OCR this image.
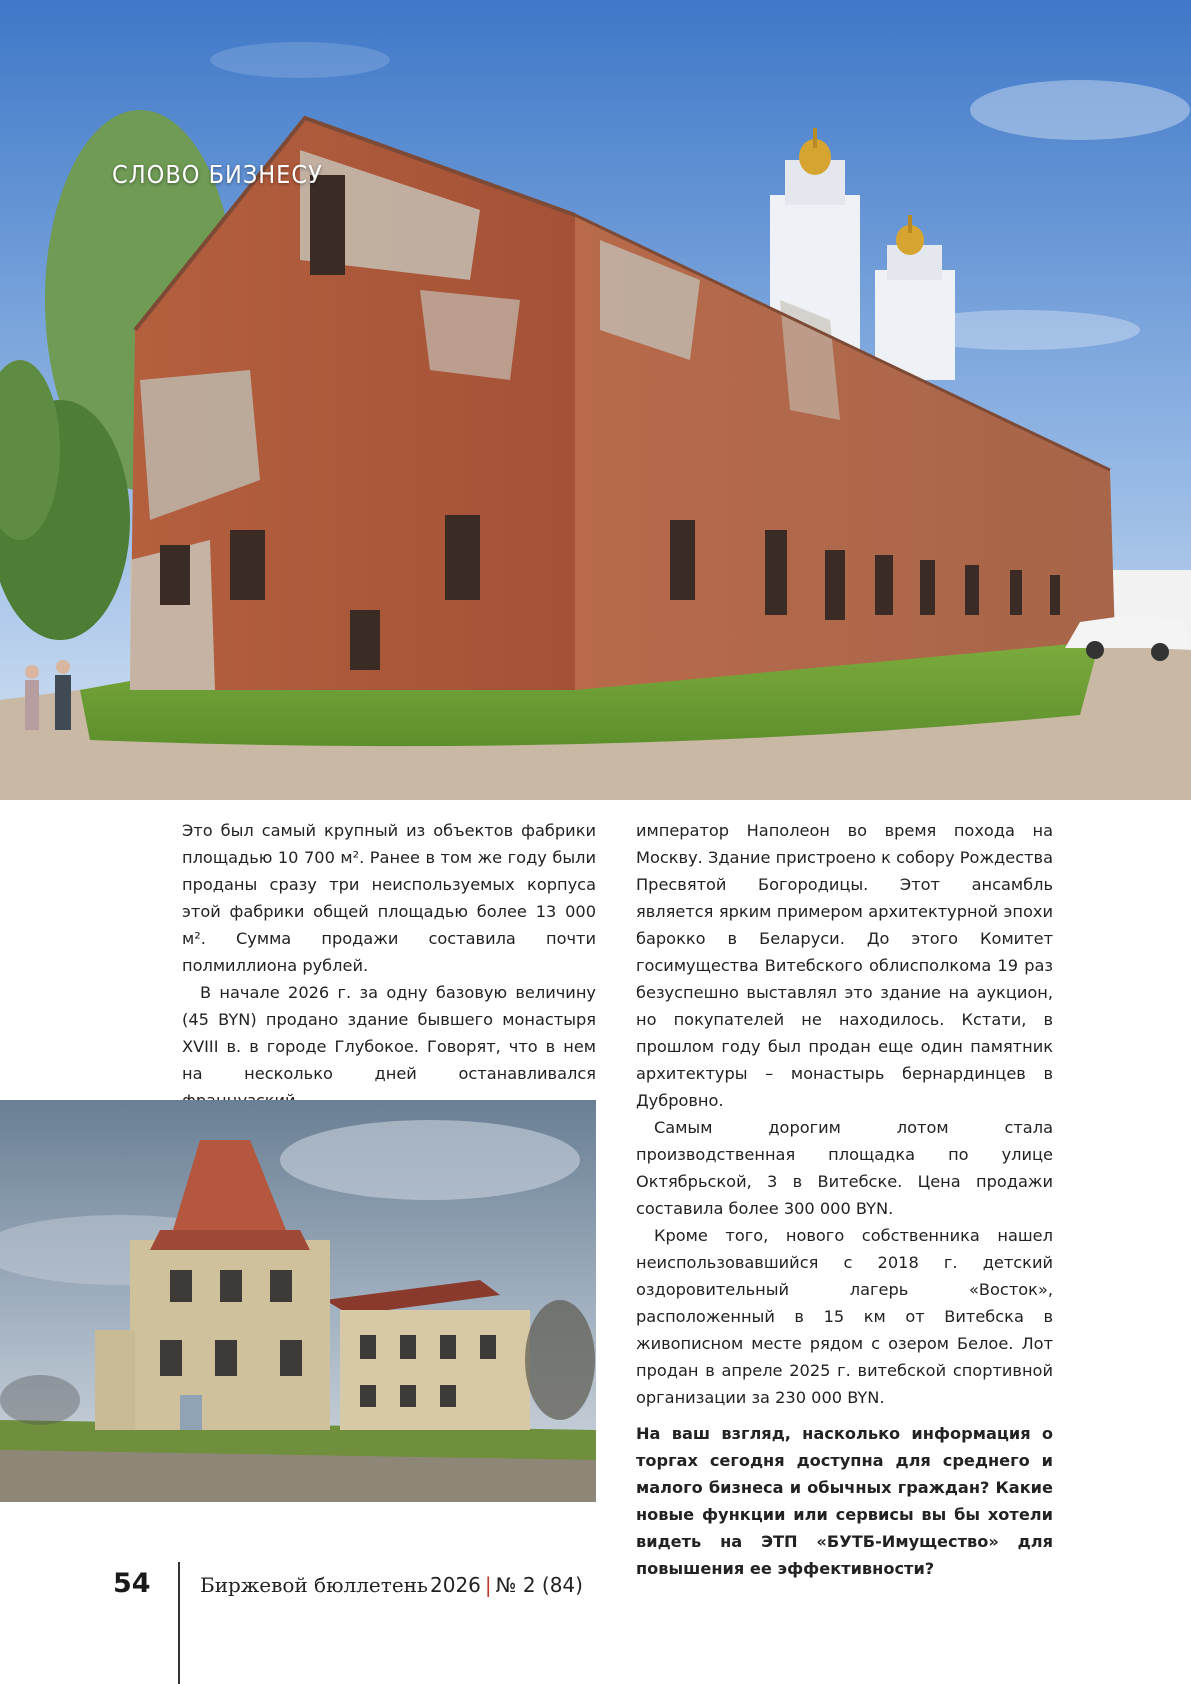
СЛОВО БИЗНЕСУ

Это был самый крупный из объектов фабрики площадью 10 700 м². Ранее в том же году были проданы сразу три неиспользуемых корпуса этой фабрики общей площадью более 13 000 м². Сумма продажи составила почти полмиллиона рублей.

В начале 2026 г. за одну базовую величину (45 BYN) продано здание бывшего монастыря XVIII в. в городе Глубокое. Говорят, что в нем на несколько дней останавливался

император Наполеон во время похода на Москву. Здание пристроено к собору Рождества Пресвятой Богородицы. Этот ансамбль является ярким примером архитектурной эпохи барокко в Беларуси. До этого Комитет госимущества Витебского облисполкома 19 раз безуспешно выставлял это здание на аукцион, но покупателей не находилось. Кстати, в прошлом году был продан еще один памятник архитектуры – монастырь бернардинцев в Дубровно.

Самым дорогим лотом стала производственная площадка по улице Октябрьской, 3 в Витебске. Цена продажи составила более 300 000 BYN.

Кроме того, нового собственника нашел неиспользовавшийся с 2018 г. детский оздоровительный лагерь «Восток», расположенный в 15 км от Витебска в живописном месте рядом с озером Белое. Лот продан в апреле 2025 г. витебской спортивной организации за 230 000 BYN.

На ваш взгляд, насколько информация о торгах сегодня доступна для среднего и малого бизнеса и обычных граждан? Какие новые функции или сервисы вы бы хотели видеть на ЭТП «БУТБ-Имущество» для повышения ее эффективности?

54 Биржевой бюллетень 2026 | № 2 (84)
